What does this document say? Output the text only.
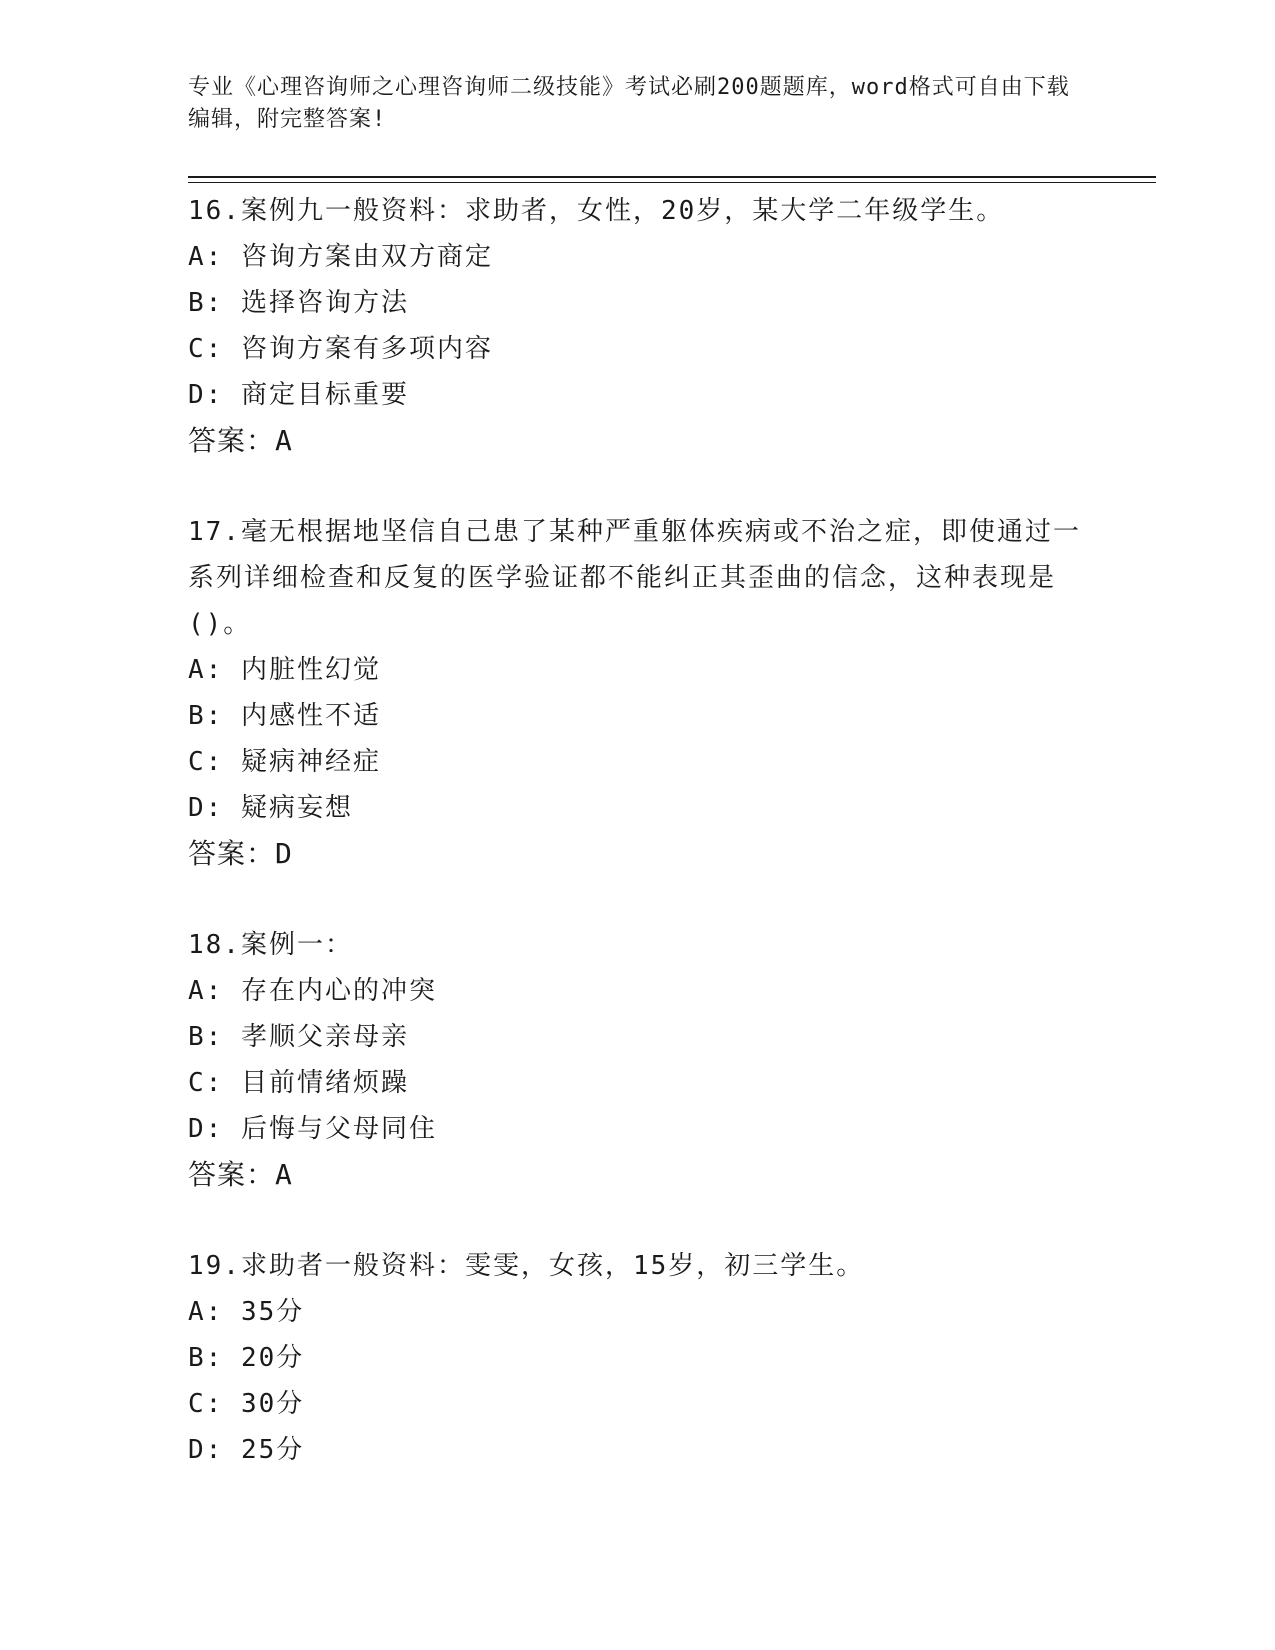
专业《心理咨询师之心理咨询师二级技能》考试必刷200题题库，word格式可自由下载编辑，附完整答案!
16.案例九一般资料：求助者，女性，20岁，某大学二年级学生。
A: 咨询方案由双方商定
B: 选择咨询方法
C: 咨询方案有多项内容
D: 商定目标重要
答案：A
17.毫无根据地坚信自己患了某种严重躯体疾病或不治之症，即使通过一系列详细检查和反复的医学验证都不能纠正其歪曲的信念，这种表现是()。
A: 内脏性幻觉
B: 内感性不适
C: 疑病神经症
D: 疑病妄想
答案：D
18.案例一：
A: 存在内心的冲突
B: 孝顺父亲母亲
C: 目前情绪烦躁
D: 后悔与父母同住
答案：A
19.求助者一般资料：雯雯，女孩，15岁，初三学生。
A: 35分
B: 20分
C: 30分
D: 25分
